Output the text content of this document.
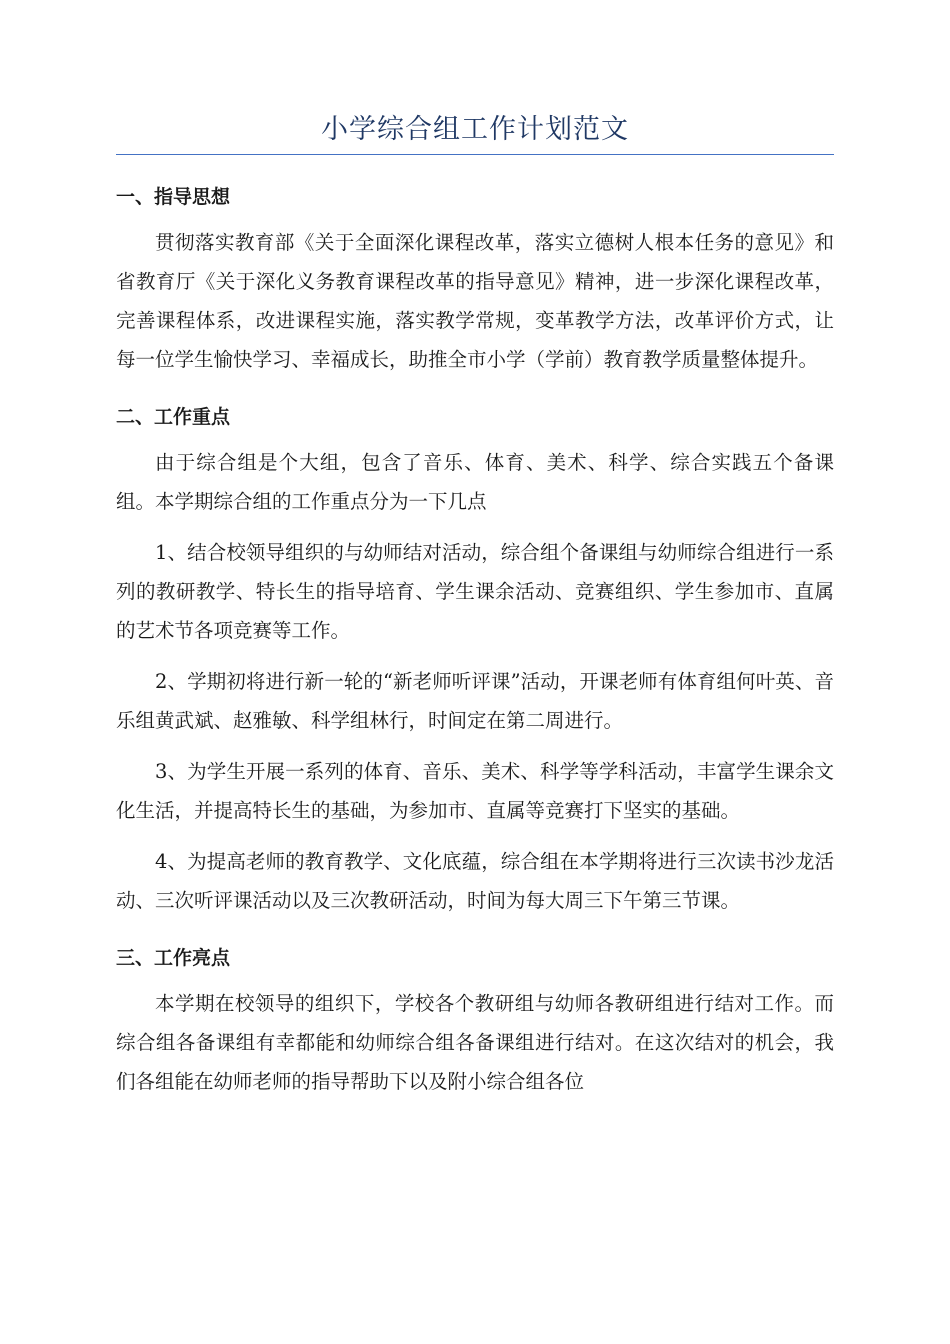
小学综合组工作计划范文
一、指导思想

贯彻落实教育部《关于全面深化课程改革，落实立德树人根本任务的意见》和省教育厅《关于深化义务教育课程改革的指导意见》精神，进一步深化课程改革，完善课程体系，改进课程实施，落实教学常规，变革教学方法，改革评价方式，让每一位学生愉快学习、幸福成长，助推全市小学（学前）教育教学质量整体提升。

二、工作重点

由于综合组是个大组，包含了音乐、体育、美术、科学、综合实践五个备课组。本学期综合组的工作重点分为一下几点

1、结合校领导组织的与幼师结对活动，综合组个备课组与幼师综合组进行一系列的教研教学、特长生的指导培育、学生课余活动、竞赛组织、学生参加市、直属的艺术节各项竞赛等工作。

2、学期初将进行新一轮的“新老师听评课”活动，开课老师有体育组何叶英、音乐组黄武斌、赵雅敏、科学组林行，时间定在第二周进行。

3、为学生开展一系列的体育、音乐、美术、科学等学科活动，丰富学生课余文化生活，并提高特长生的基础，为参加市、直属等竞赛打下坚实的基础。

4、为提高老师的教育教学、文化底蕴，综合组在本学期将进行三次读书沙龙活动、三次听评课活动以及三次教研活动，时间为每大周三下午第三节课。

三、工作亮点

本学期在校领导的组织下，学校各个教研组与幼师各教研组进行结对工作。而综合组各备课组有幸都能和幼师综合组各备课组进行结对。在这次结对的机会，我们各组能在幼师老师的指导帮助下以及附小综合组各位
